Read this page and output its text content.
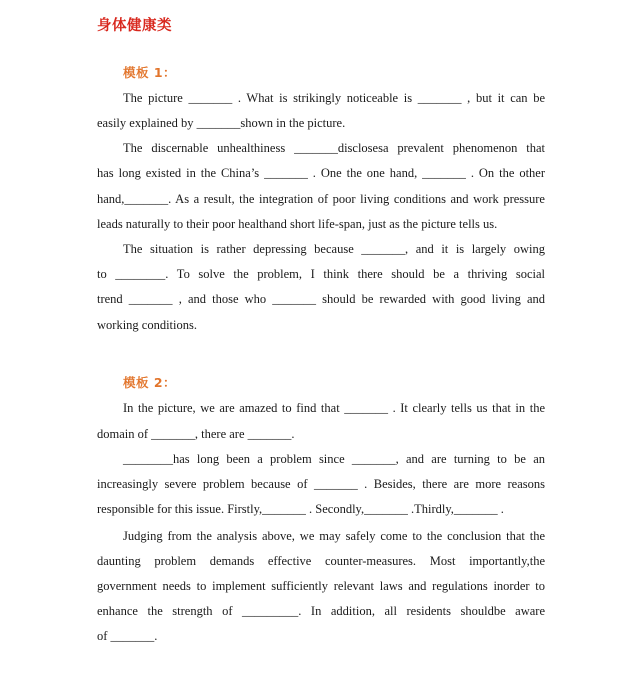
身体健康类
模板 1：
The picture _______ . What is strikingly noticeable is _______ , but it can be
easily explained by _______shown in the picture.
The discernable unhealthiness _______disclosesa prevalent phenomenon that
has long existed in the China’s _______ . One the one hand, _______ . On the other
hand,_______. As a result, the integration of poor living conditions and work pressure
leads naturally to their poor healthand short life-span, just as the picture tells us.
The situation is rather depressing because _______, and it is largely owing
to ________. To solve the problem, I think there should be a thriving social
trend _______ , and those who _______ should be rewarded with good living and
working conditions.
模板 2：
In the picture, we are amazed to find that _______ . It clearly tells us that in the
domain of _______, there are _______.
________has long been a problem since _______, and are turning to be an
increasingly severe problem because of _______ . Besides, there are more reasons
responsible for this issue. Firstly,_______ . Secondly,_______ .Thirdly,_______ .
Judging from the analysis above, we may safely come to the conclusion that the
daunting problem demands effective counter-measures. Most importantly,the
government needs to implement sufficiently relevant laws and regulations inorder to
enhance the strength of _________. In addition, all residents shouldbe aware
of _______.
